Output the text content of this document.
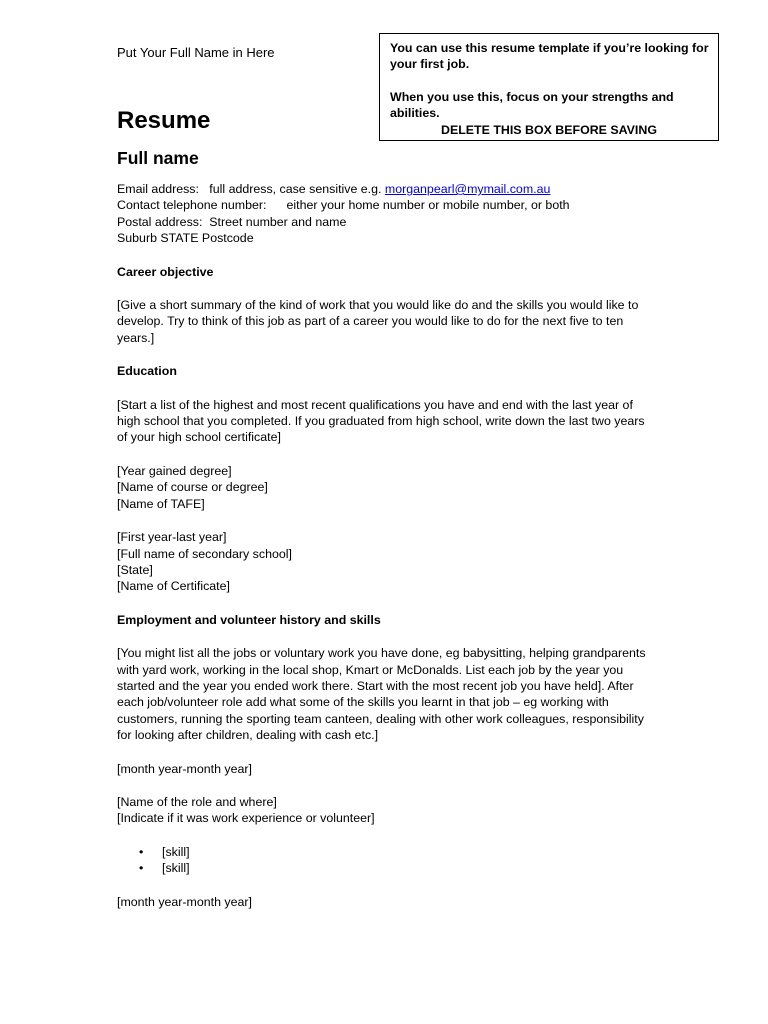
Put Your Full Name in Here	You can use this resume template if you’re looking for your first job.

When you use this, focus on your strengths and abilities.

DELETE THIS BOX BEFORE SAVING

Resume
Full name

Email address: full address, case sensitive e.g. morganpearl@mymail.com.au

Contact telephone number: either your home number or mobile number, or both

Postal address: Street number and name

Suburb STATE Postcode

Career objective

[Give a short summary of the kind of work that you would like do and the skills you would like to develop. Try to think of this job as part of a career you would like to do for the next five to ten years.]

Education

[Start a list of the highest and most recent qualifications you have and end with the last year of high school that you completed. If you graduated from high school, write down the last two years of your high school certificate]

[Year gained degree]

[Name of course or degree]

[Name of TAFE]

[First year-last year]

[Full name of secondary school]

[State]

[Name of Certificate]

Employment and volunteer history and skills

[You might list all the jobs or voluntary work you have done, eg babysitting, helping grandparents with yard work, working in the local shop, Kmart or McDonalds. List each job by the year you started and the year you ended work there. Start with the most recent job you have held]. After each job/volunteer role add what some of the skills you learnt in that job – eg working with customers, running the sporting team canteen, dealing with other work colleagues, responsibility for looking after children, dealing with cash etc.]

[month year-month year]

[Name of the role and where]

[Indicate if it was work experience or volunteer]

• [skill]
• [skill]

[month year-month year]
